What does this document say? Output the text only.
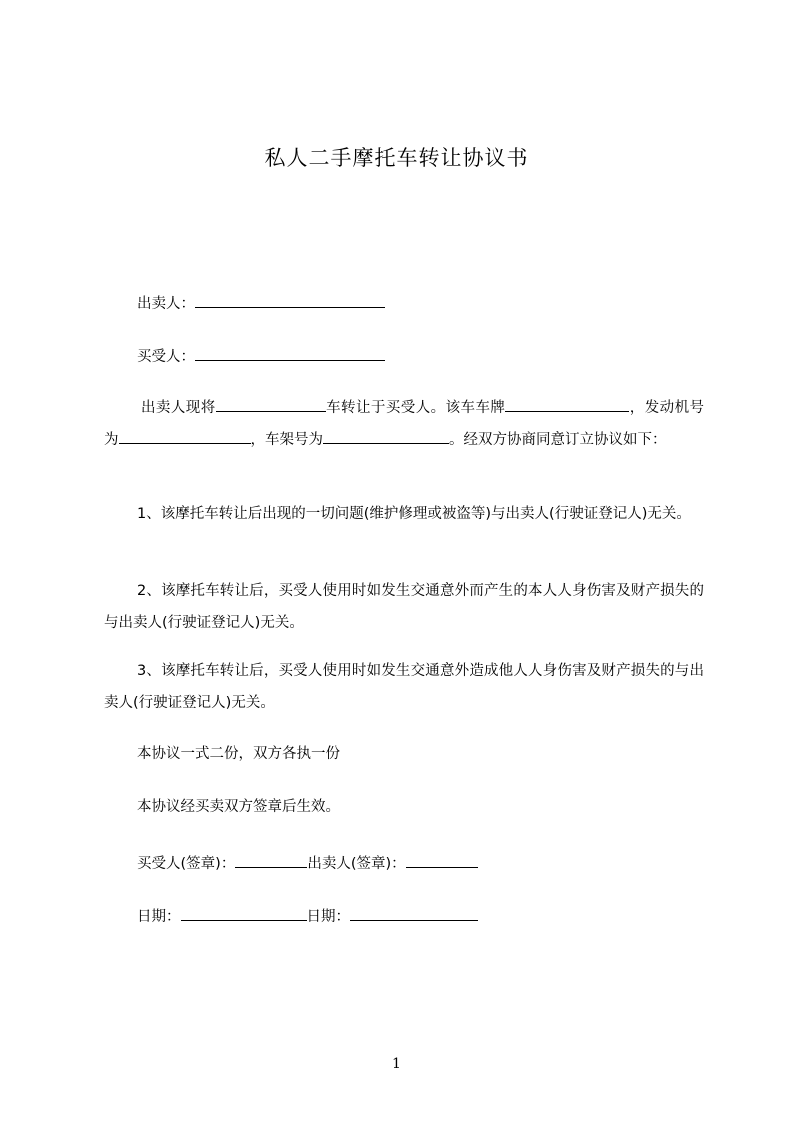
私人二手摩托车转让协议书
出卖人：
买受人：
出卖人现将	车转让于买受人。该车车牌	，发动机号为	，车架号为	。经双方协商同意订立协议如下：
1、该摩托车转让后出现的一切问题(维护修理或被盗等)与出卖人(行驶证登记人)无关。
2、该摩托车转让后，买受人使用时如发生交通意外而产生的本人人身伤害及财产损失的与出卖人(行驶证登记人)无关。
3、该摩托车转让后，买受人使用时如发生交通意外造成他人人身伤害及财产损失的与出卖人(行驶证登记人)无关。
本协议一式二份，双方各执一份
本协议经买卖双方签章后生效。
买受人(签章)：	出卖人(签章)：
日期：	日期：
1
